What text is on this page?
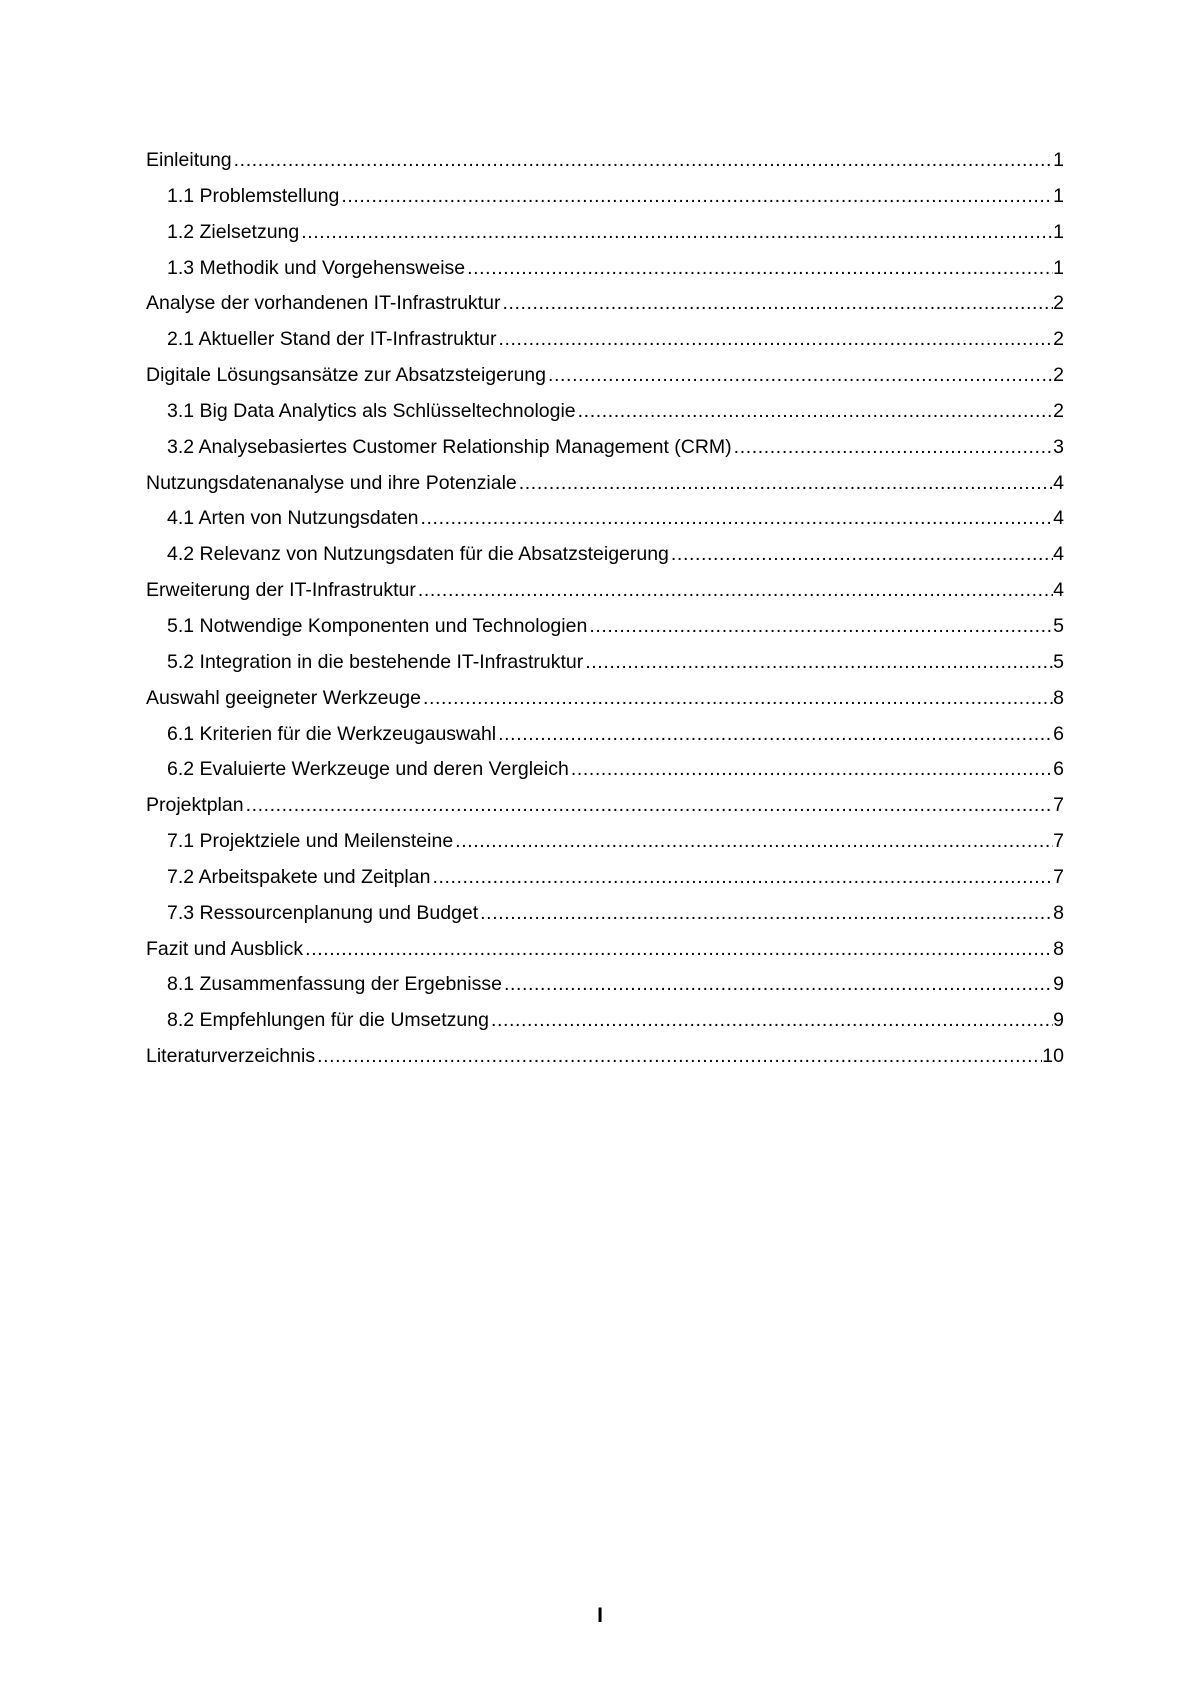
Einleitung .....	1
1.1 Problemstellung .....	1
1.2 Zielsetzung .....	1
1.3 Methodik und Vorgehensweise .....	1
Analyse der vorhandenen IT-Infrastruktur .....	2
2.1 Aktueller Stand der IT-Infrastruktur .....	2
Digitale Lösungsansätze zur Absatzsteigerung .....	2
3.1 Big Data Analytics als Schlüsseltechnologie .....	2
3.2 Analysebasiertes Customer Relationship Management (CRM) .....	3
Nutzungsdatenanalyse und ihre Potenziale .....	4
4.1 Arten von Nutzungsdaten .....	4
4.2 Relevanz von Nutzungsdaten für die Absatzsteigerung .....	4
Erweiterung der IT-Infrastruktur .....	4
5.1 Notwendige Komponenten und Technologien .....	5
5.2 Integration in die bestehende IT-Infrastruktur .....	5
Auswahl geeigneter Werkzeuge .....	8
6.1 Kriterien für die Werkzeugauswahl .....	6
6.2 Evaluierte Werkzeuge und deren Vergleich .....	6
Projektplan .....	7
7.1 Projektziele und Meilensteine .....	7
7.2 Arbeitspakete und Zeitplan .....	7
7.3 Ressourcenplanung und Budget .....	8
Fazit und Ausblick .....	8
8.1 Zusammenfassung der Ergebnisse .....	9
8.2 Empfehlungen für die Umsetzung .....	9
Literaturverzeichnis .....	10
I
